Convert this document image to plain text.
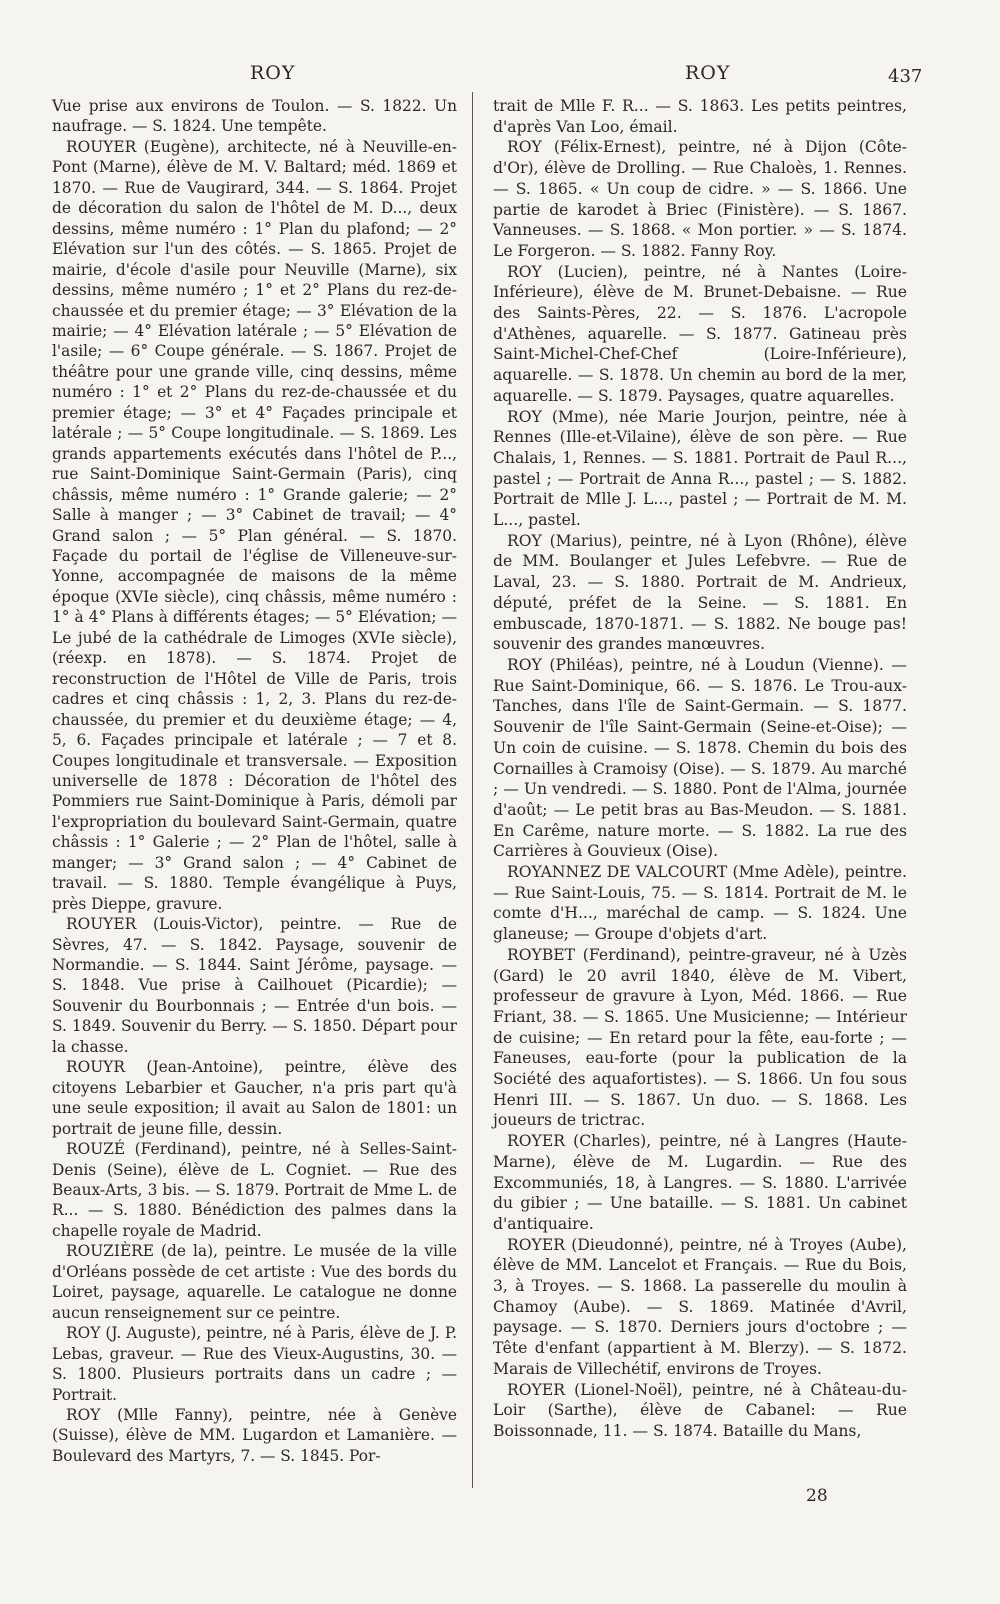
ROY	ROY	437

Vue prise aux environs de Toulon. — S. 1822. Un naufrage. — S. 1824. Une tempête.

ROUYER (Eugène), architecte, né à Neuville-en-Pont (Marne), élève de M. V. Baltard; méd. 1869 et 1870. — Rue de Vaugirard, 344. — S. 1864. Projet de décoration du salon de l'hôtel de M. D..., deux dessins, même numéro : 1° Plan du plafond; — 2° Elévation sur l'un des côtés. — S. 1865. Projet de mairie, d'école d'asile pour Neuville (Marne), six dessins, même numéro ; 1° et 2° Plans du rez-de-chaussée et du premier étage; — 3° Elévation de la mairie; — 4° Elévation latérale ; — 5° Elévation de l'asile; — 6° Coupe générale. — S. 1867. Projet de théâtre pour une grande ville, cinq dessins, même numéro : 1° et 2° Plans du rez-de-chaussée et du premier étage; — 3° et 4° Façades principale et latérale ; — 5° Coupe longitudinale. — S. 1869. Les grands appartements exécutés dans l'hôtel de P..., rue Saint-Dominique Saint-Germain (Paris), cinq châssis, même numéro : 1° Grande galerie; — 2° Salle à manger ; — 3° Cabinet de travail; — 4° Grand salon ; — 5° Plan général. — S. 1870. Façade du portail de l'église de Villeneuve-sur-Yonne, accompagnée de maisons de la même époque (XVIe siècle), cinq châssis, même numéro : 1° à 4° Plans à différents étages; — 5° Elévation; — Le jubé de la cathédrale de Limoges (XVIe siècle), (réexp. en 1878). — S. 1874. Projet de reconstruction de l'Hôtel de Ville de Paris, trois cadres et cinq châssis : 1, 2, 3. Plans du rez-de-chaussée, du premier et du deuxième étage; — 4, 5, 6. Façades principale et latérale ; — 7 et 8. Coupes longitudinale et transversale. — Exposition universelle de 1878 : Décoration de l'hôtel des Pommiers rue Saint-Dominique à Paris, démoli par l'expropriation du boulevard Saint-Germain, quatre châssis : 1° Galerie ; — 2° Plan de l'hôtel, salle à manger; — 3° Grand salon ; — 4° Cabinet de travail. — S. 1880. Temple évangélique à Puys, près Dieppe, gravure.

ROUYER (Louis-Victor), peintre. — Rue de Sèvres, 47. — S. 1842. Paysage, souvenir de Normandie. — S. 1844. Saint Jérôme, paysage. — S. 1848. Vue prise à Cailhouet (Picardie); — Souvenir du Bourbonnais ; — Entrée d'un bois. — S. 1849. Souvenir du Berry. — S. 1850. Départ pour la chasse.

ROUYR (Jean-Antoine), peintre, élève des citoyens Lebarbier et Gaucher, n'a pris part qu'à une seule exposition; il avait au Salon de 1801: un portrait de jeune fille, dessin.

ROUZÉ (Ferdinand), peintre, né à Selles-Saint-Denis (Seine), élève de L. Cogniet. — Rue des Beaux-Arts, 3 bis. — S. 1879. Portrait de Mme L. de R... — S. 1880. Bénédiction des palmes dans la chapelle royale de Madrid.

ROUZIÈRE (de la), peintre. Le musée de la ville d'Orléans possède de cet artiste : Vue des bords du Loiret, paysage, aquarelle. Le catalogue ne donne aucun renseignement sur ce peintre.

ROY (J. Auguste), peintre, né à Paris, élève de J. P. Lebas, graveur. — Rue des Vieux-Augustins, 30. — S. 1800. Plusieurs portraits dans un cadre ; — Portrait.

ROY (Mlle Fanny), peintre, née à Genève (Suisse), élève de MM. Lugardon et Lamanière. — Boulevard des Martyrs, 7. — S. 1845. Por-

trait de Mlle F. R... — S. 1863. Les petits peintres, d'après Van Loo, émail.

ROY (Félix-Ernest), peintre, né à Dijon (Côte-d'Or), élève de Drolling. — Rue Chaloès, 1. Rennes. — S. 1865. « Un coup de cidre. » — S. 1866. Une partie de karodet à Briec (Finistère). — S. 1867. Vanneuses. — S. 1868. « Mon portier. » — S. 1874. Le Forgeron. — S. 1882. Fanny Roy.

ROY (Lucien), peintre, né à Nantes (Loire-Inférieure), élève de M. Brunet-Debaisne. — Rue des Saints-Pères, 22. — S. 1876. L'acropole d'Athènes, aquarelle. — S. 1877. Gatineau près Saint-Michel-Chef-Chef (Loire-Inférieure), aquarelle. — S. 1878. Un chemin au bord de la mer, aquarelle. — S. 1879. Paysages, quatre aquarelles.

ROY (Mme), née Marie Jourjon, peintre, née à Rennes (Ille-et-Vilaine), élève de son père. — Rue Chalais, 1, Rennes. — S. 1881. Portrait de Paul R..., pastel ; — Portrait de Anna R..., pastel ; — S. 1882. Portrait de Mlle J. L..., pastel ; — Portrait de M. M. L..., pastel.

ROY (Marius), peintre, né à Lyon (Rhône), élève de MM. Boulanger et Jules Lefebvre. — Rue de Laval, 23. — S. 1880. Portrait de M. Andrieux, député, préfet de la Seine. — S. 1881. En embuscade, 1870-1871. — S. 1882. Ne bouge pas! souvenir des grandes manœuvres.

ROY (Philéas), peintre, né à Loudun (Vienne). — Rue Saint-Dominique, 66. — S. 1876. Le Trou-aux-Tanches, dans l'île de Saint-Germain. — S. 1877. Souvenir de l'île Saint-Germain (Seine-et-Oise); — Un coin de cuisine. — S. 1878. Chemin du bois des Cornailles à Cramoisy (Oise). — S. 1879. Au marché ; — Un vendredi. — S. 1880. Pont de l'Alma, journée d'août; — Le petit bras au Bas-Meudon. — S. 1881. En Carême, nature morte. — S. 1882. La rue des Carrières à Gouvieux (Oise).

ROYANNEZ DE VALCOURT (Mme Adèle), peintre. — Rue Saint-Louis, 75. — S. 1814. Portrait de M. le comte d'H..., maréchal de camp. — S. 1824. Une glaneuse; — Groupe d'objets d'art.

ROYBET (Ferdinand), peintre-graveur, né à Uzès (Gard) le 20 avril 1840, élève de M. Vibert, professeur de gravure à Lyon, Méd. 1866. — Rue Friant, 38. — S. 1865. Une Musicienne; — Intérieur de cuisine; — En retard pour la fête, eau-forte ; — Faneuses, eau-forte (pour la publication de la Société des aquafortistes). — S. 1866. Un fou sous Henri III. — S. 1867. Un duo. — S. 1868. Les joueurs de trictrac.

ROYER (Charles), peintre, né à Langres (Haute-Marne), élève de M. Lugardin. — Rue des Excommuniés, 18, à Langres. — S. 1880. L'arrivée du gibier ; — Une bataille. — S. 1881. Un cabinet d'antiquaire.

ROYER (Dieudonné), peintre, né à Troyes (Aube), élève de MM. Lancelot et Français. — Rue du Bois, 3, à Troyes. — S. 1868. La passerelle du moulin à Chamoy (Aube). — S. 1869. Matinée d'Avril, paysage. — S. 1870. Derniers jours d'octobre ; — Tête d'enfant (appartient à M. Blerzy). — S. 1872. Marais de Villechétif, environs de Troyes.

ROYER (Lionel-Noël), peintre, né à Château-du-Loir (Sarthe), élève de Cabanel: — Rue Boissonnade, 11. — S. 1874. Bataille du Mans,

28
